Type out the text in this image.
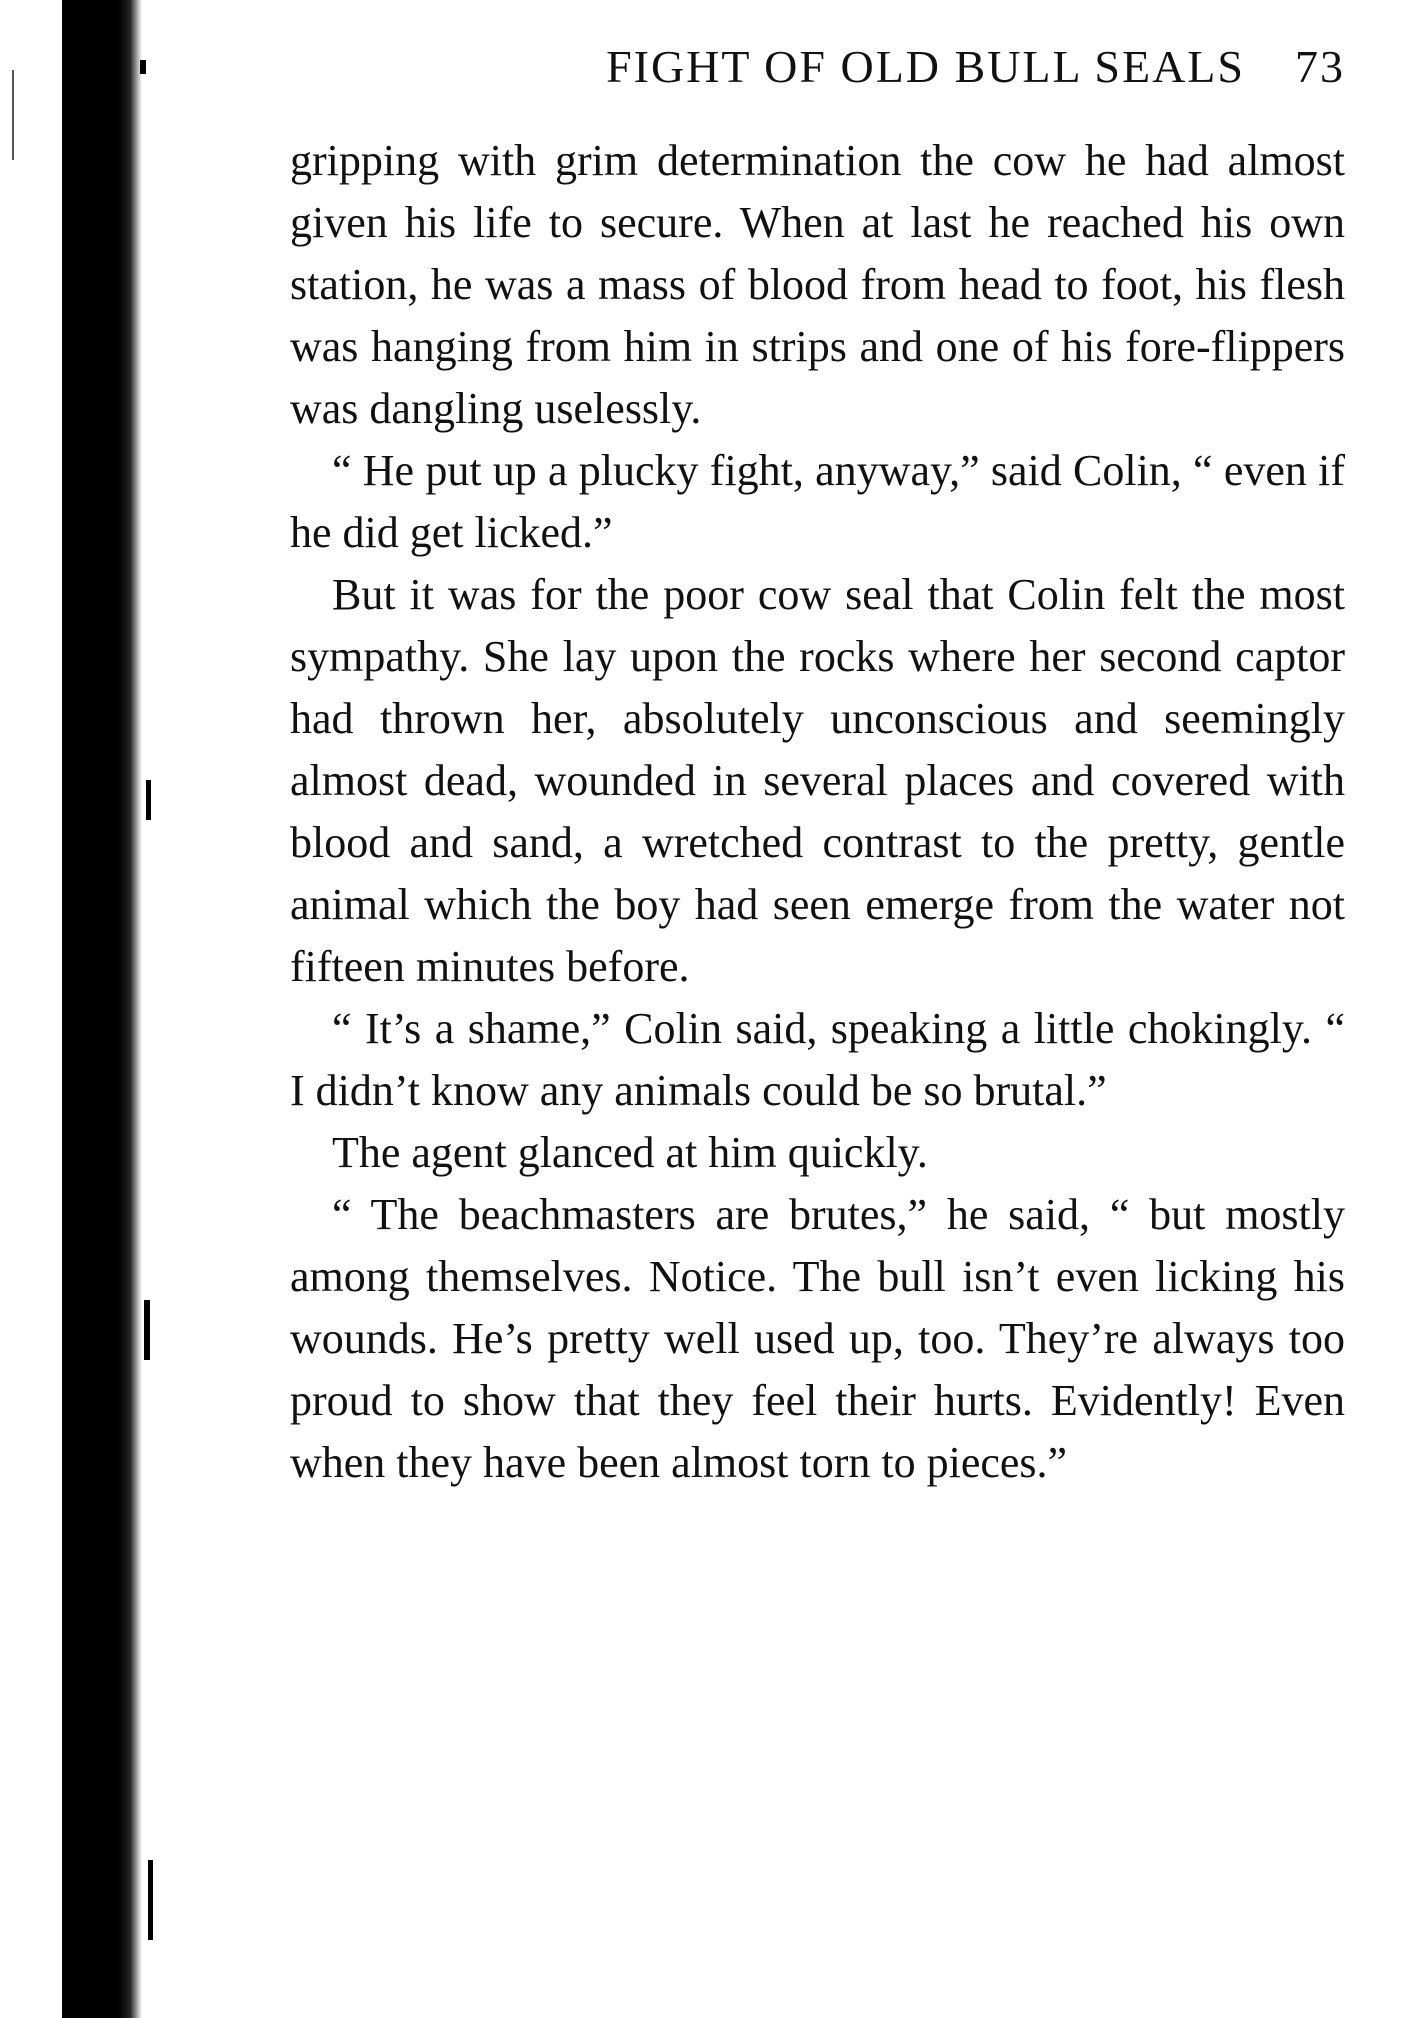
FIGHT OF OLD BULL SEALS 73

gripping with grim determination the cow he had almost given his life to secure. When at last he reached his own station, he was a mass of blood from head to foot, his flesh was hanging from him in strips and one of his fore-flippers was dangling uselessly.

“ He put up a plucky fight, anyway,” said Colin, “ even if he did get licked.”

But it was for the poor cow seal that Colin felt the most sympathy. She lay upon the rocks where her second captor had thrown her, absolutely unconscious and seemingly almost dead, wounded in several places and covered with blood and sand, a wretched contrast to the pretty, gentle animal which the boy had seen emerge from the water not fifteen minutes before.

“ It’s a shame,” Colin said, speaking a little chokingly. “ I didn’t know any animals could be so brutal.”

The agent glanced at him quickly.

“ The beachmasters are brutes,” he said, “ but mostly among themselves. Notice. The bull isn’t even licking his wounds. He’s pretty well used up, too. They’re always too proud to show that they feel their hurts. Evidently! Even when they have been almost torn to pieces.”
